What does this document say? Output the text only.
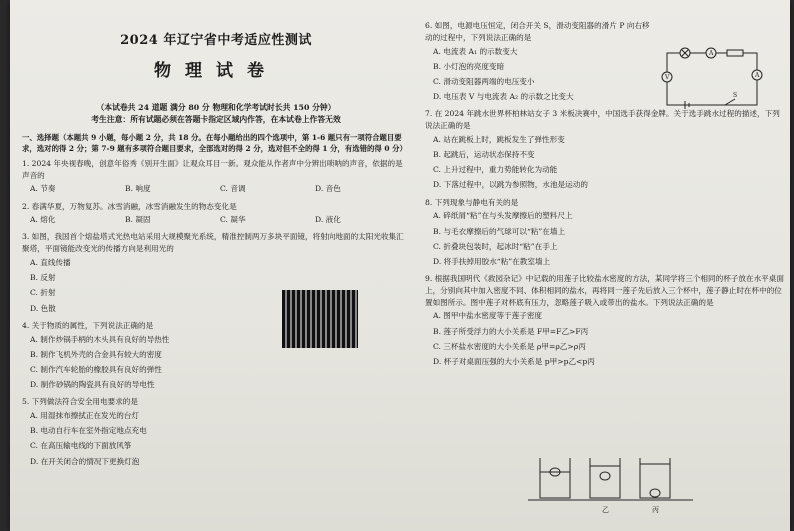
2024 年辽宁省中考适应性测试
物理试卷
（本试卷共 24 道题 满分 80 分 物理和化学考试时长共 150 分钟）
考生注意：所有试题必须在答题卡指定区域内作答，在本试卷上作答无效
一、选择题（本题共 9 小题，每小题 2 分，共 18 分。在每小题给出的四个选项中，第 1-6 题只有一项符合题目要求，选对的得 2 分；第 7-9 题有多项符合题目要求，全部选对的得 2 分，选对但不全的得 1 分，有选错的得 0 分）
1. 2024 年央视春晚，创意年俗秀《别开生面》让观众耳目一新。观众能从作者声中分辨出唢呐的声音，依据的是声音的
A. 节奏	B. 响度	C. 音调	D. 音色
2. 春满华夏，万物复苏。冰雪消融，冰雪消融发生的物态变化是
A. 熔化	B. 凝固	C. 凝华	D. 液化
3. 如图，我国首个熔盐塔式光热电站采用大规模聚光系统，精准控制两万多块平面镜，将射向地面的太阳光收集汇聚塔，平面镜能改变光的传播方向是利用光的
A. 直线传播
B. 反射
C. 折射
D. 色散
4. 关于物质的属性，下列说法正确的是
A. 制作炒锅手柄的木头具有良好的导热性
B. 制作飞机外壳的合金具有较大的密度
C. 制作汽车轮胎的橡胶具有良好的弹性
D. 制作砂锅的陶瓷具有良好的导电性
5. 下列做法符合安全用电要求的是
A. 用湿抹布擦拭正在发光的台灯
B. 电动自行车在室外指定地点充电
C. 在高压输电线的下面放风筝
D. 在开关闭合的情况下更换灯泡
6. 如图，电源电压恒定，闭合开关 S，滑动变阻器的滑片 P 向右移动的过程中，下列说法正确的是
A. 电流表 A₁ 的示数变大
B. 小灯泡的亮度变暗
C. 滑动变阻器两端的电压变小
D. 电压表 V 与电流表 A₂ 的示数之比变大
7. 在 2024 年跳水世界杯柏林站女子 3 米板决赛中，中国选手获得金牌。关于选手跳水过程的描述，下列说法正确的是
A. 站在跳板上时，跳板发生了弹性形变
B. 起跳后，运动状态保持不变
C. 上升过程中，重力势能转化为动能
D. 下落过程中，以跳为参照物，水池是运动的
8. 下列现象与静电有关的是
A. 碎纸屑“粘”在与头发摩擦后的塑料尺上
B. 与毛衣摩擦后的气球可以“粘”在墙上
C. 折叠块包装时，起冰时“粘”在手上
D. 将手扶掉用胶水“粘”在教室墙上
9. 根据我国明代《救园杂记》中记载的用莲子比较盐水密度的方法，某同学将三个相同的杯子放在水平桌面上，分别向其中加入密度不同、体积相同的盐水，再将同一莲子先后放入三个杯中，莲子静止时在杯中的位置如图所示。图中莲子对杯底有压力，忽略莲子吸入或带出的盐水。下列说法正确的是
A. 图甲中盐水密度等于莲子密度
B. 莲子所受浮力的大小关系是 F甲=F乙>F丙
C. 三杯盐水密度的大小关系是 ρ甲=ρ乙>ρ丙
D. 杯子对桌面压强的大小关系是 p甲>p乙<p丙
V
A
A
S
乙	丙
